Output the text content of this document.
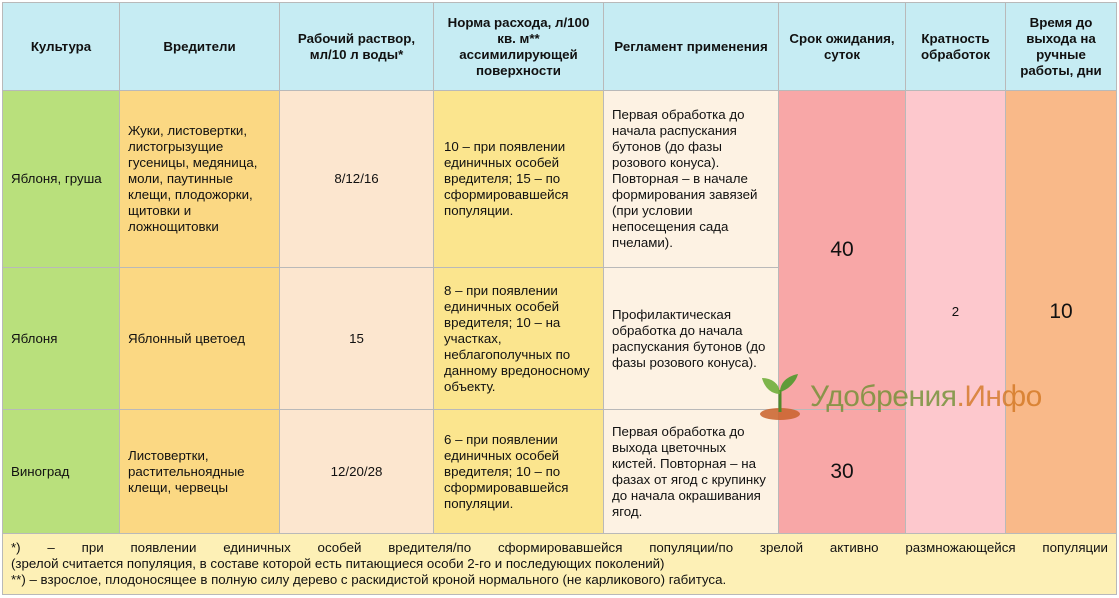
Культура	Вредители	Рабочий раствор, мл/10 л воды*	Норма расхода, л/100 кв. м** ассимилирующей поверхности	Регламент применения	Срок ожидания, суток	Кратность обработок	Время до выхода на ручные работы, дни
Яблоня, груша	Жуки, листовертки, листогрызущие гусеницы, медяница, моли, паутинные клещи, плодожорки, щитовки и ложнощитовки	8/12/16	10 – при появлении единичных особей вредителя; 15 – по сформировавшейся популяции.	Первая обработка до начала распускания бутонов (до фазы розового конуса). Повторная – в начале формирования завязей (при условии непосещения сада пчелами).	40	2	10
Яблоня	Яблонный цветоед	15	8 – при появлении единичных особей вредителя; 10 – на участках, неблагополучных по данному вредоносному объекту.	Профилактическая обработка до начала распускания бутонов (до фазы розового конуса).			

Виноград	Листовертки, растительноядные клещи, червецы	12/20/28	6 – при появлении единичных особей вредителя; 10 – по сформировавшейся популяции.	Первая обработка до выхода цветочных кистей. Повторная – на фазах от ягод с крупинку до начала окрашивания ягод.	30		

*) – при появлении единичных особей вредителя/по сформировавшейся популяции/по зрелой активно размножающейся популяции
(зрелой считается популяция, в составе которой есть питающиеся особи 2-го и последующих поколений)
**) – взрослое, плодоносящее в полную силу дерево с раскидистой кроной нормального (не карликового) габитуса.							
Удобрения.Инфо
